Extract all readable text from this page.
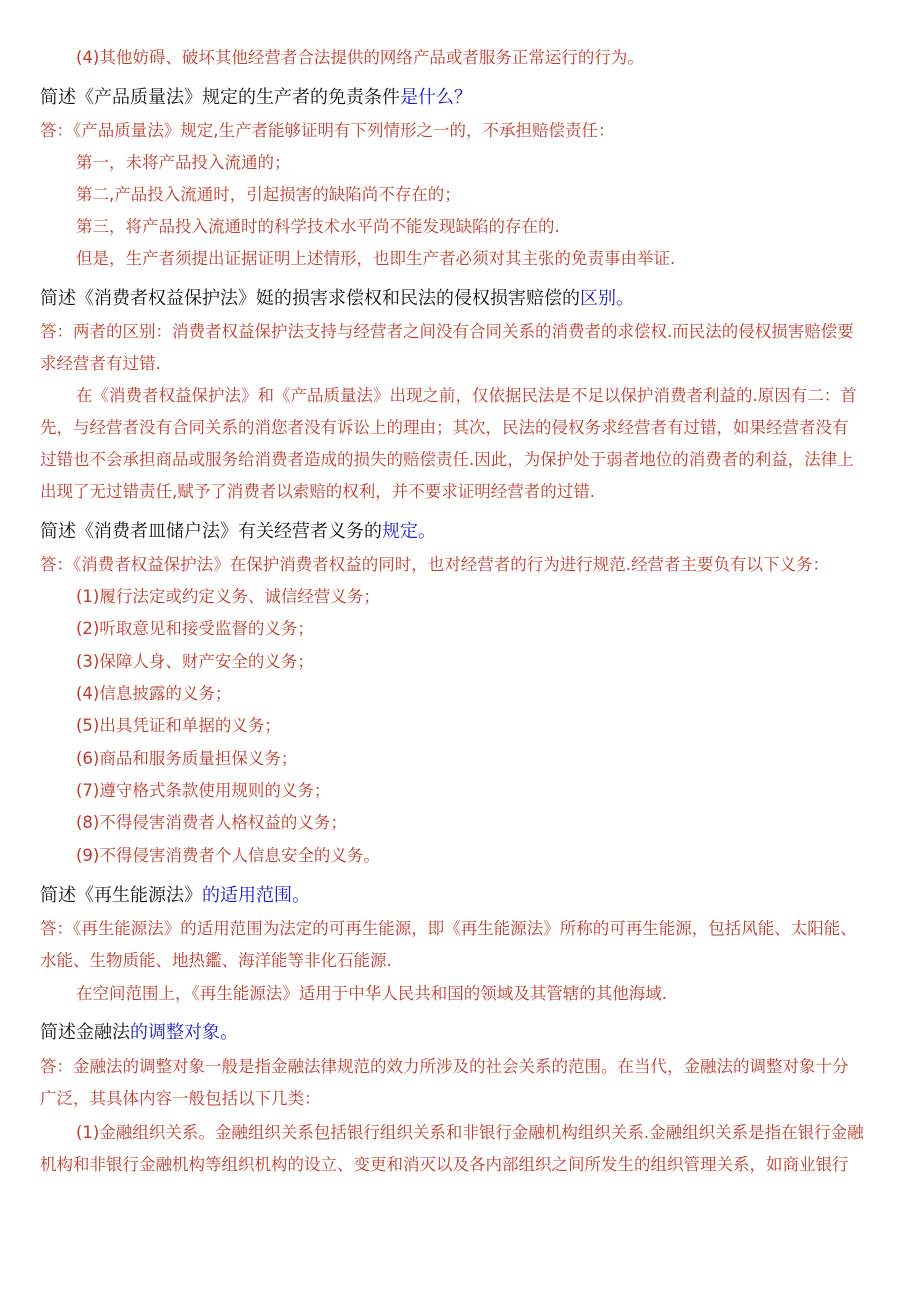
(4)其他妨碍、破坏其他经营者合法提供的网络产品或者服务正常运行的行为。
简述《产品质量法》规定的生产者的免责条件是什么？
答：《产品质量法》规定,生产者能够证明有下列情形之一的，不承担赔偿责任：
第一，未将产品投入流通的；
第二,产品投入流通时，引起损害的缺陷尚不存在的；
第三，将产品投入流通时的科学技术水平尚不能发现缺陷的存在的.
但是，生产者须提出证据证明上述情形，也即生产者必须对其主张的免责事由举证.
简述《消费者权益保护法》娗的损害求偿权和民法的侵权损害赔偿的区别。
答：两者的区别：消费者权益保护法支持与经营者之间没有合同关系的消费者的求偿权.而民法的侵权损害赔偿要
求经营者有过错.
在《消费者权益保护法》和《产品质量法》出现之前，仅依据民法是不足以保护消费者利益的.原因有二：首
先，与经营者没有合同关系的消您者没有诉讼上的理由；其次，民法的侵权务求经营者有过错，如果经营者没有
过错也不会承担商品或服务给消费者造成的损失的赔偿责任.因此，为保护处于弱者地位的消费者的利益，法律上
出现了无过错责任,赋予了消费者以索赔的权利，并不要求证明经营者的过错.
简述《消费者皿储户法》有关经营者义务的规定。
答：《消费者权益保护法》在保护消费者权益的同时，也对经营者的行为进行规范.经营者主要负有以下义务：
(1)履行法定或约定义务、诚信经营义务；
(2)听取意见和接受监督的义务；
(3)保障人身、财产安全的义务；
(4)信息披露的义务；
(5)出具凭证和单据的义务；
(6)商品和服务质量担保义务；
(7)遵守格式条款使用规则的义务；
(8)不得侵害消费者人格权益的义务；
(9)不得侵害消费者个人信息安全的义务。
简述《再生能源法》的适用范围。
答：《再生能源法》的适用范围为法定的可再生能源，即《再生能源法》所称的可再生能源，包括风能、太阳能、
水能、生物质能、地热鑑、海洋能等非化石能源.
在空间范围上，《再生能源法》适用于中华人民共和国的领域及其管辖的其他海域.
简述金融法的调整对象。
答：金融法的调整对象一般是指金融法律规范的效力所涉及的社会关系的范围。在当代，金融法的调整对象十分
广泛，其具体内容一般包括以下几类：
(1)金融组织关系。金融组织关系包括银行组织关系和非银行金融机构组织关系.金融组织关系是指在银行金融
机构和非银行金融机构等组织机构的设立、变更和消灭以及各内部组织之间所发生的组织管理关系，如商业银行
